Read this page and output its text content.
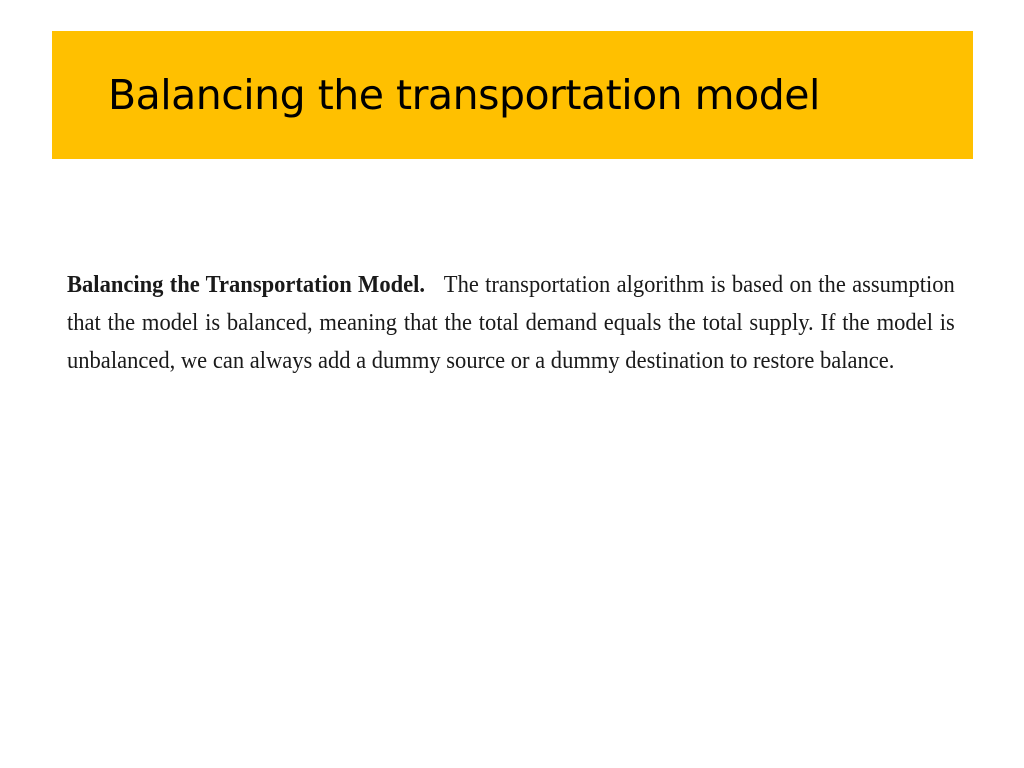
Balancing the transportation model
Balancing the Transportation Model. The transportation algorithm is based on the assumption that the model is balanced, meaning that the total demand equals the total supply. If the model is unbalanced, we can always add a dummy source or a dummy destination to restore balance.
